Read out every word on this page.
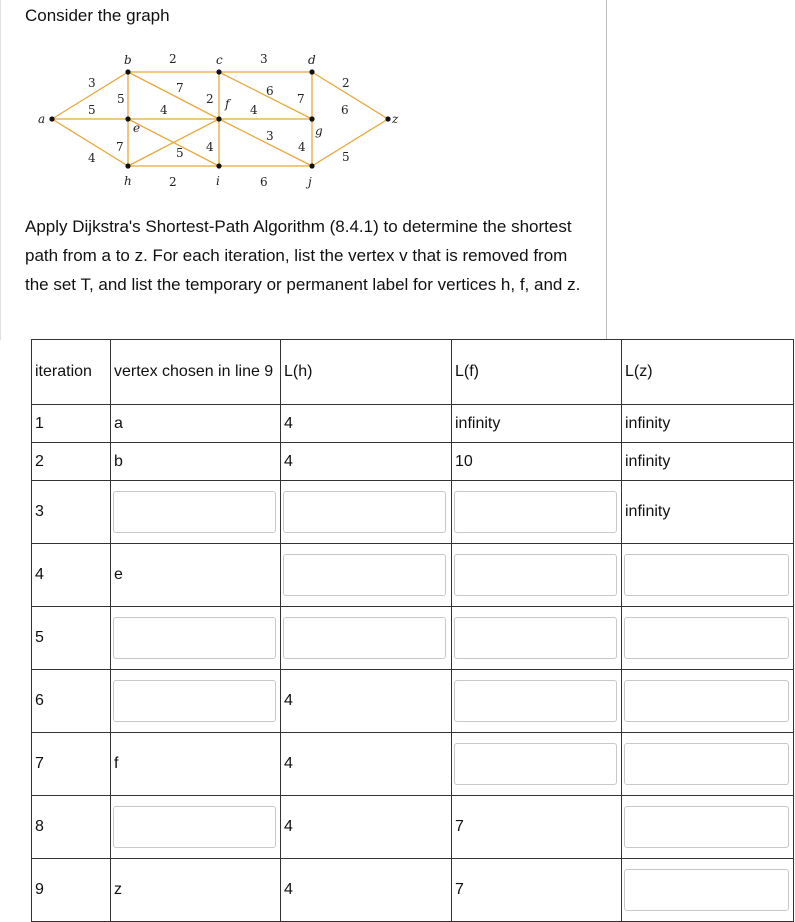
Consider the graph
a
b	c	d
e
f
g
h	i	j
z
3
5
4
2
5
7
3
2
6
7
2
4
7	5
4
4
3
4
6
2	6
5
Apply Dijkstra's Shortest-Path Algorithm (8.4.1) to determine the shortest path from a to z. For each iteration, list the vertex v that is removed from the set T, and list the temporary or permanent label for vertices h, f, and z.
iteration	vertex chosen in line 9	L(h)	L(f)	L(z)

1	a	4	infinity	infinity

2	b	4	10	infinity

3				infinity

4	e

5

6		4

7	f	4

8		4	7

9	z	4	7
